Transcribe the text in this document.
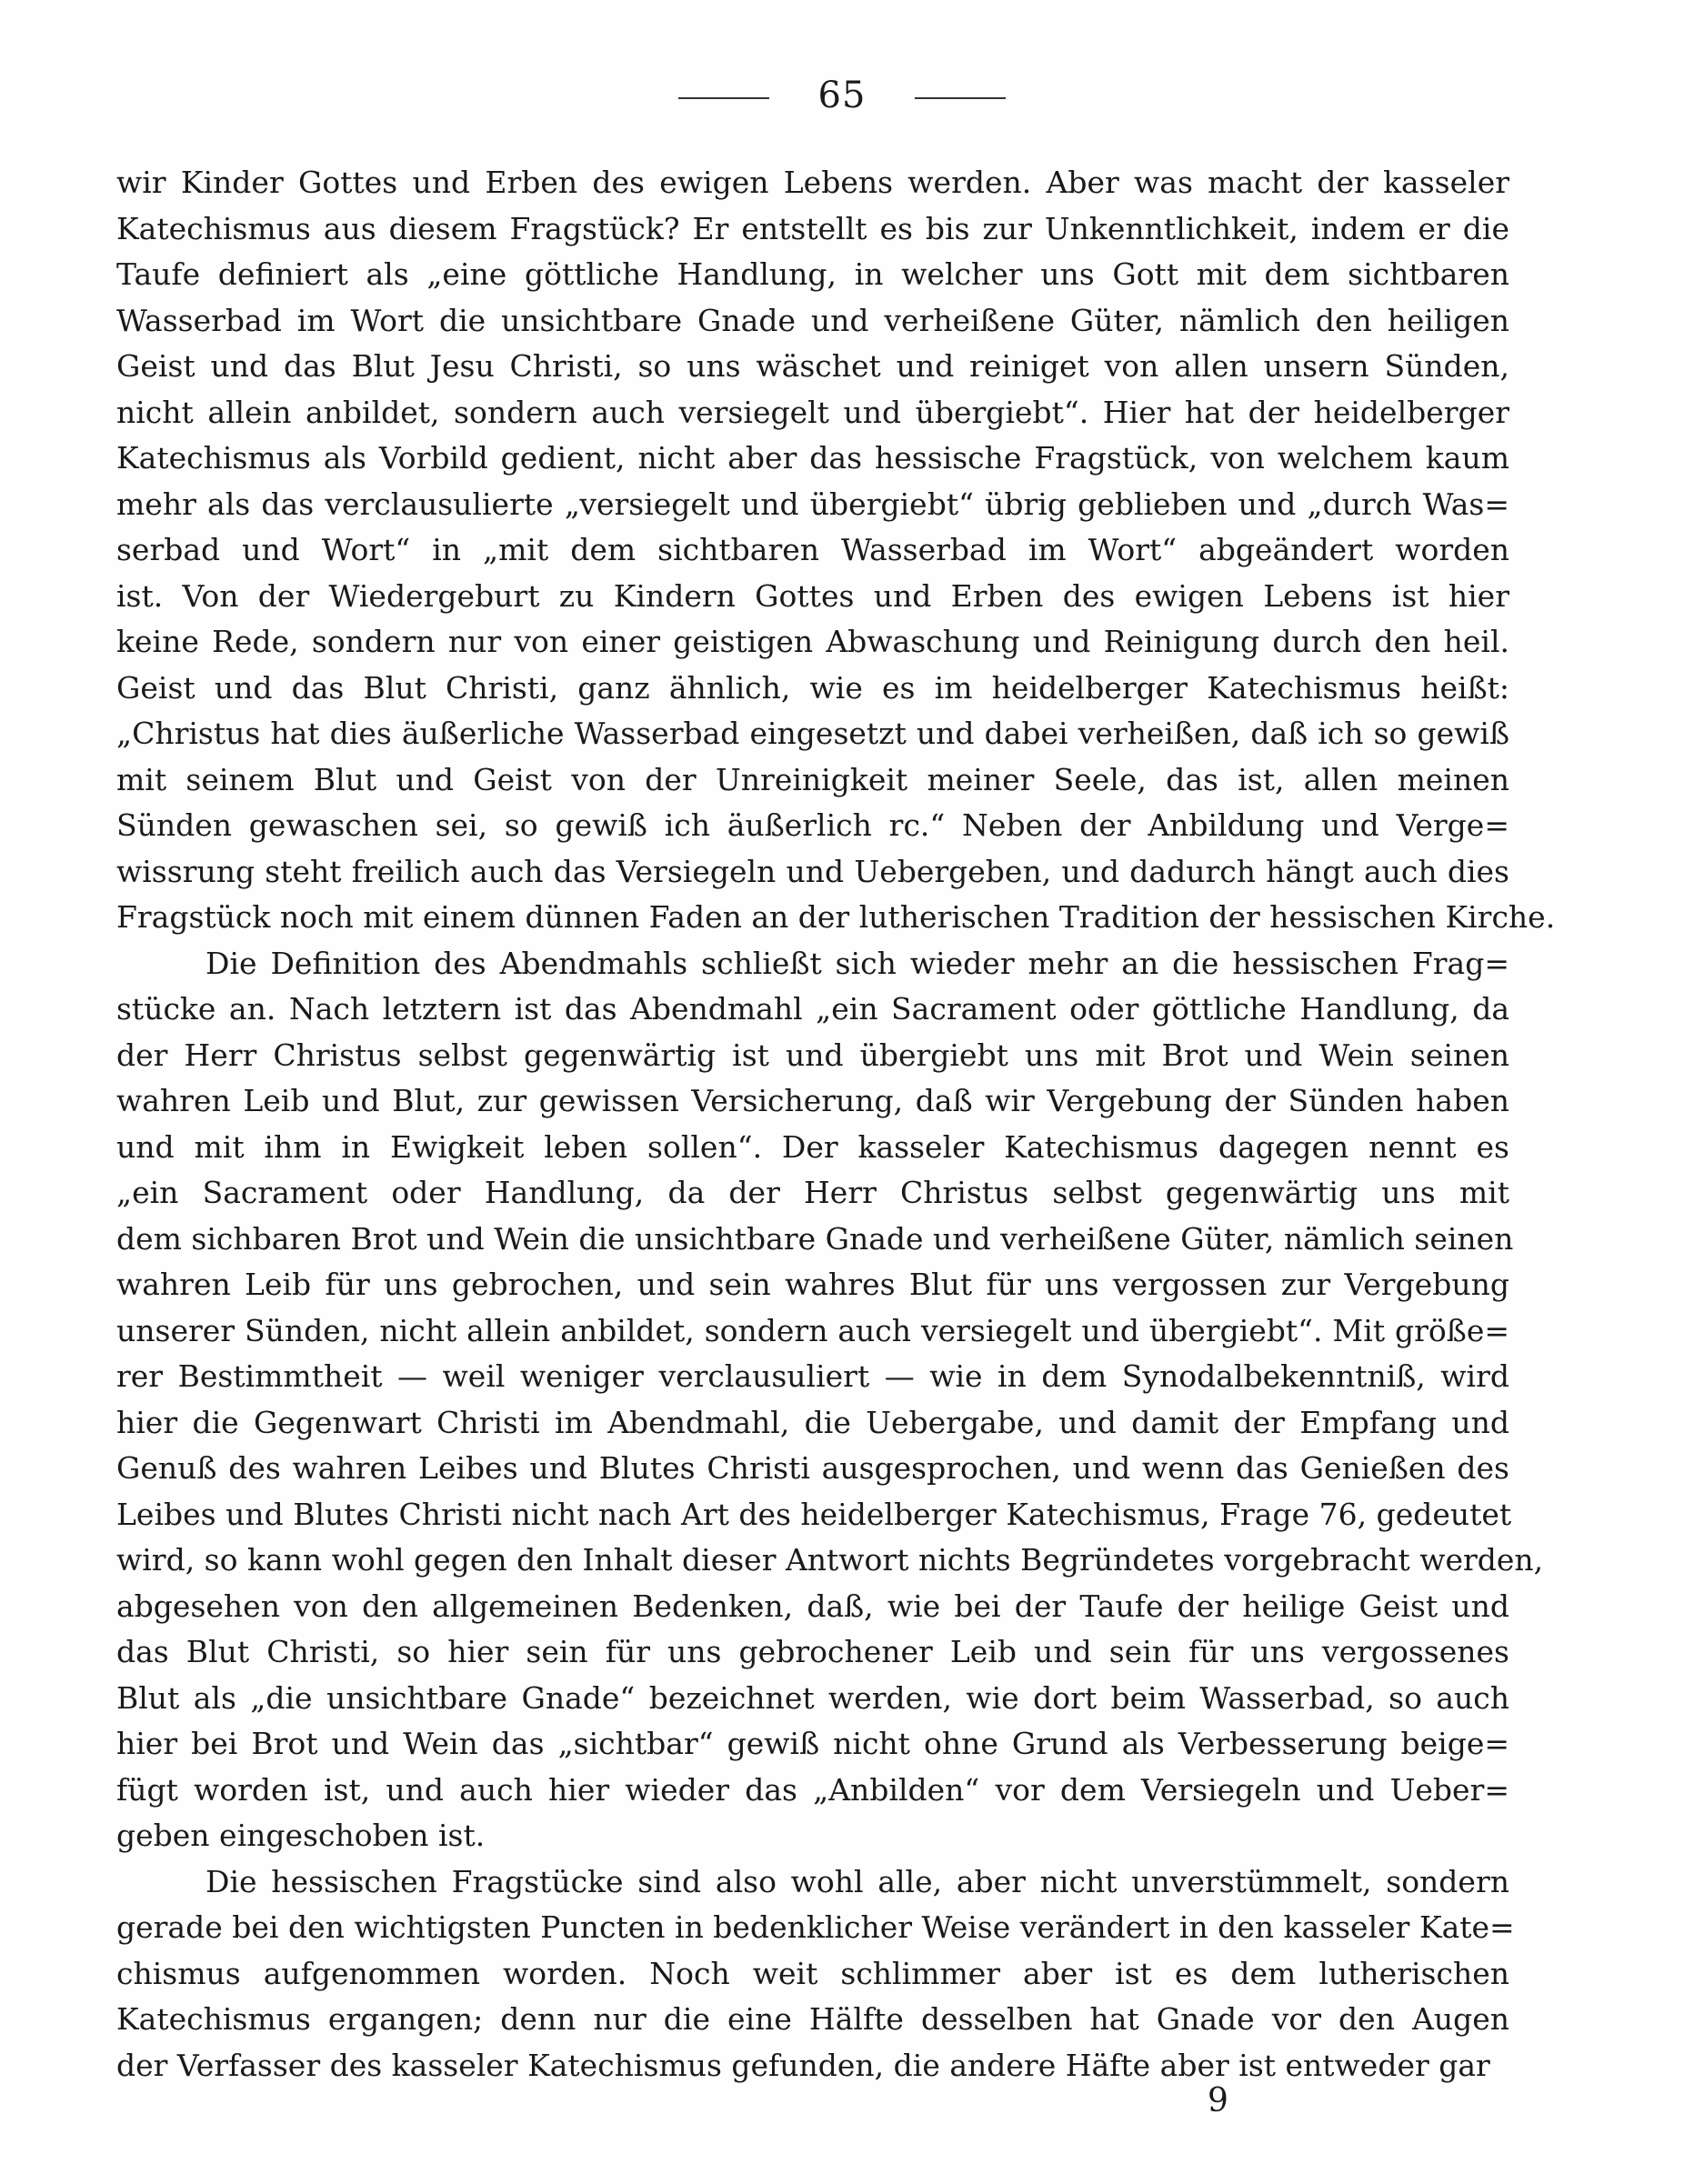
65
wir Kinder Gottes und Erben des ewigen Lebens werden. Aber was macht der kasseler
Katechismus aus diesem Fragstück? Er entstellt es bis zur Unkenntlichkeit, indem er die
Taufe definiert als „eine göttliche Handlung, in welcher uns Gott mit dem sichtbaren
Wasserbad im Wort die unsichtbare Gnade und verheißene Güter, nämlich den heiligen
Geist und das Blut Jesu Christi, so uns wäschet und reiniget von allen unsern Sünden,
nicht allein anbildet, sondern auch versiegelt und übergiebt“. Hier hat der heidelberger
Katechismus als Vorbild gedient, nicht aber das hessische Fragstück, von welchem kaum
mehr als das verclausulierte „versiegelt und übergiebt“ übrig geblieben und „durch Was=
serbad und Wort“ in „mit dem sichtbaren Wasserbad im Wort“ abgeändert worden
ist. Von der Wiedergeburt zu Kindern Gottes und Erben des ewigen Lebens ist hier
keine Rede, sondern nur von einer geistigen Abwaschung und Reinigung durch den heil.
Geist und das Blut Christi, ganz ähnlich, wie es im heidelberger Katechismus heißt:
„Christus hat dies äußerliche Wasserbad eingesetzt und dabei verheißen, daß ich so gewiß
mit seinem Blut und Geist von der Unreinigkeit meiner Seele, das ist, allen meinen
Sünden gewaschen sei, so gewiß ich äußerlich rc.“ Neben der Anbildung und Verge=
wissrung steht freilich auch das Versiegeln und Uebergeben, und dadurch hängt auch dies
Fragstück noch mit einem dünnen Faden an der lutherischen Tradition der hessischen Kirche.
Die Definition des Abendmahls schließt sich wieder mehr an die hessischen Frag=
stücke an. Nach letztern ist das Abendmahl „ein Sacrament oder göttliche Handlung, da
der Herr Christus selbst gegenwärtig ist und übergiebt uns mit Brot und Wein seinen
wahren Leib und Blut, zur gewissen Versicherung, daß wir Vergebung der Sünden haben
und mit ihm in Ewigkeit leben sollen“. Der kasseler Katechismus dagegen nennt es
„ein Sacrament oder Handlung, da der Herr Christus selbst gegenwärtig uns mit
dem sichbaren Brot und Wein die unsichtbare Gnade und verheißene Güter, nämlich seinen
wahren Leib für uns gebrochen, und sein wahres Blut für uns vergossen zur Vergebung
unserer Sünden, nicht allein anbildet, sondern auch versiegelt und übergiebt“. Mit größe=
rer Bestimmtheit — weil weniger verclausuliert — wie in dem Synodalbekenntniß, wird
hier die Gegenwart Christi im Abendmahl, die Uebergabe, und damit der Empfang und
Genuß des wahren Leibes und Blutes Christi ausgesprochen, und wenn das Genießen des
Leibes und Blutes Christi nicht nach Art des heidelberger Katechismus, Frage 76, gedeutet
wird, so kann wohl gegen den Inhalt dieser Antwort nichts Begründetes vorgebracht werden,
abgesehen von den allgemeinen Bedenken, daß, wie bei der Taufe der heilige Geist und
das Blut Christi, so hier sein für uns gebrochener Leib und sein für uns vergossenes
Blut als „die unsichtbare Gnade“ bezeichnet werden, wie dort beim Wasserbad, so auch
hier bei Brot und Wein das „sichtbar“ gewiß nicht ohne Grund als Verbesserung beige=
fügt worden ist, und auch hier wieder das „Anbilden“ vor dem Versiegeln und Ueber=
geben eingeschoben ist.
Die hessischen Fragstücke sind also wohl alle, aber nicht unverstümmelt, sondern
gerade bei den wichtigsten Puncten in bedenklicher Weise verändert in den kasseler Kate=
chismus aufgenommen worden. Noch weit schlimmer aber ist es dem lutherischen
Katechismus ergangen; denn nur die eine Hälfte desselben hat Gnade vor den Augen
der Verfasser des kasseler Katechismus gefunden, die andere Häfte aber ist entweder gar
9
